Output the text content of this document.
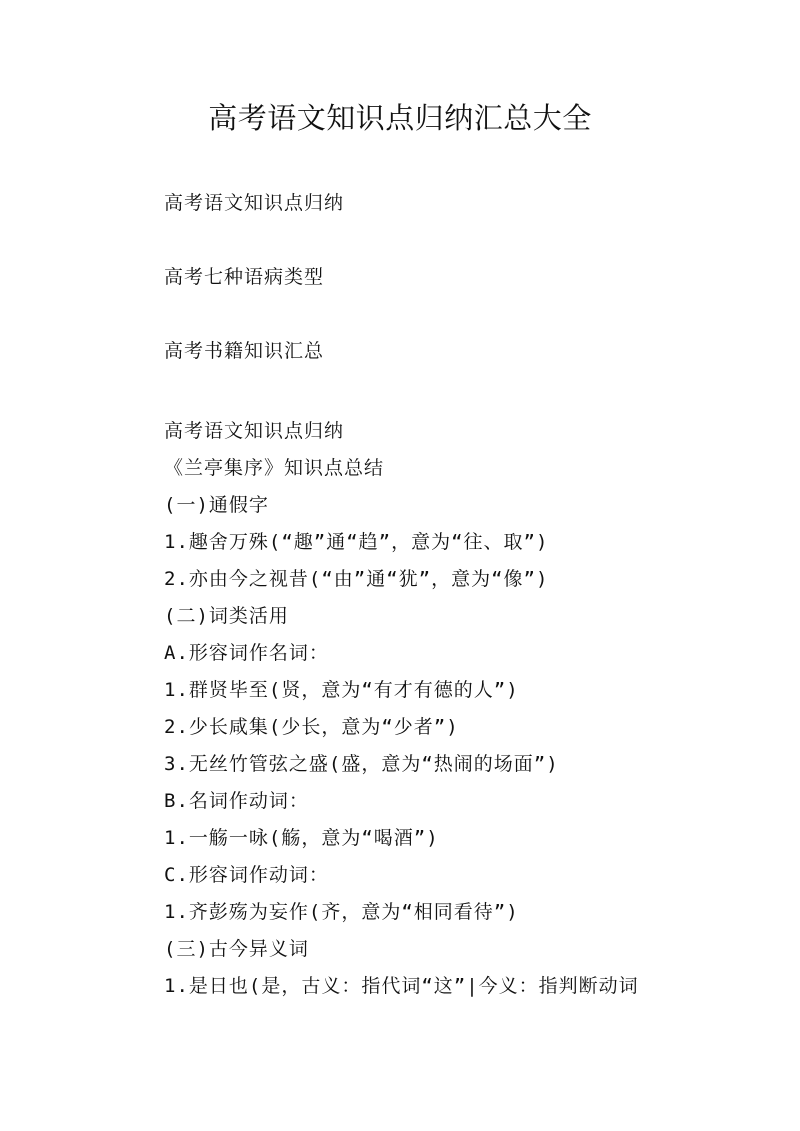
高考语文知识点归纳汇总大全
高考语文知识点归纳
高考七种语病类型
高考书籍知识汇总
高考语文知识点归纳
《兰亭集序》知识点总结
(一)通假字
1.趣舍万殊(“趣”通“趋”，意为“往、取”)
2.亦由今之视昔(“由”通“犹”，意为“像”)
(二)词类活用
A.形容词作名词：
1.群贤毕至(贤，意为“有才有德的人”)
2.少长咸集(少长，意为“少者”)
3.无丝竹管弦之盛(盛，意为“热闹的场面”)
B.名词作动词：
1.一觞一咏(觞，意为“喝酒”)
C.形容词作动词：
1.齐彭殇为妄作(齐，意为“相同看待”)
(三)古今异义词
1.是日也(是，古义：指代词“这”|今义：指判断动词
